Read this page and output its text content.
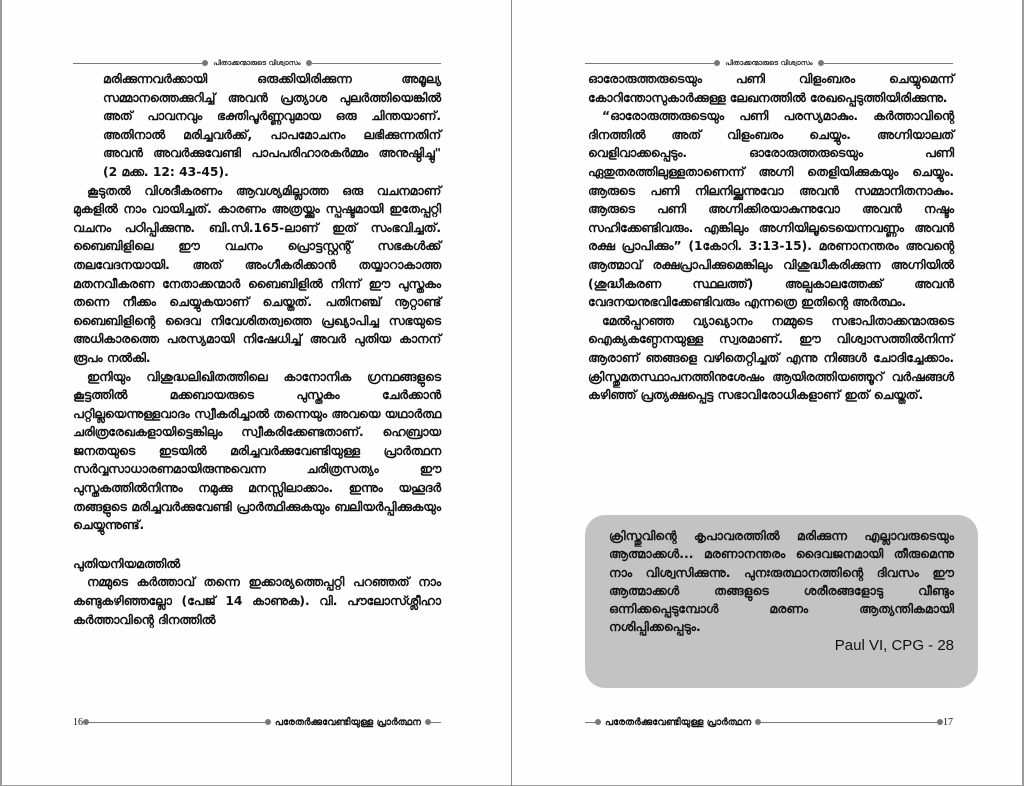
പിതാക്കന്മാരുടെ വിശ്വാസം

മരിക്കുന്നവർക്കായി ഒരുക്കിയിരിക്കുന്ന അമൂല്യ സമ്മാനത്തെക്കുറിച്ച് അവൻ പ്രത്യാശ പുലർത്തിയെങ്കിൽ അത് പാവനവും ഭക്തിപൂർണ്ണവുമായ ഒരു ചിന്തയാണ്. അതിനാൽ മരിച്ചവർക്ക്, പാപമോചനം ലഭിക്കുന്നതിന് അവൻ അവർക്കുവേണ്ടി പാപപരിഹാരകർമ്മം അനുഷ്ഠിച്ചു" (2 മക്ക. 12: 43-45).

കൂടുതൽ വിശദീകരണം ആവശ്യമില്ലാത്ത ഒരു വചനമാണ് മുകളിൽ നാം വായിച്ചത്. കാരണം അത്രയ്ക്കും സ്പഷ്ടമായി ഇതേപ്പറ്റി വചനം പഠിപ്പിക്കുന്നു. ബി.സി.165-ലാണ് ഇത് സംഭവിച്ചത്. ബൈബിളിലെ ഈ വചനം പ്രൊട്ടസ്റ്റന്റ് സഭകൾക്ക് തലവേദനയായി. അത് അംഗീകരിക്കാൻ തയ്യാറാകാത്ത മതനവീകരണ നേതാക്കന്മാർ ബൈബിളിൽ നിന്ന് ഈ പുസ്തകം തന്നെ നീക്കം ചെയ്യുകയാണ് ചെയ്തത്. പതിനഞ്ച് നൂറ്റാണ്ട് ബൈബിളിന്റെ ദൈവ നിവേശിതത്വത്തെ പ്രഖ്യാപിച്ച സഭയുടെ അധികാരത്തെ പരസ്യമായി നിഷേധിച്ച് അവർ പുതിയ കാനന് രൂപം നൽകി.

ഇനിയും വിശുദ്ധലിഖിതത്തിലെ കാനോനിക ഗ്രന്ഥങ്ങളുടെ കൂട്ടത്തിൽ മക്കബായരുടെ പുസ്തകം ചേർക്കാൻ പറ്റില്ലയെന്നുള്ളവാദം സ്വീകരിച്ചാൽ തന്നെയും അവയെ യഥാർത്ഥ ചരിത്രരേഖകളായിട്ടെങ്കിലും സ്വീകരിക്കേണ്ടതാണ്. ഹെബ്രായ ജനതയുടെ ഇടയിൽ മരിച്ചവർക്കുവേണ്ടിയുള്ള പ്രാർത്ഥന സർവ്വസാധാരണമായിരുന്നുവെന്ന ചരിത്രസത്യം ഈ പുസ്തകത്തിൽനിന്നും നമുക്കു മനസ്സിലാക്കാം. ഇന്നും യഹൂദർ തങ്ങളുടെ മരിച്ചവർക്കുവേണ്ടി പ്രാർത്ഥിക്കുകയും ബലിയർപ്പിക്കുകയും ചെയ്യുന്നുണ്ട്.

പുതിയനിയമത്തിൽ

നമ്മുടെ കർത്താവ് തന്നെ ഇക്കാര്യത്തെപ്പറ്റി പറഞ്ഞത് നാം കണ്ടുകഴിഞ്ഞല്ലോ (പേജ് 14 കാണുക). വി. പൗലോസ്ശ്ലീഹാ കർത്താവിന്റെ ദിനത്തിൽ

16	പരേതർക്കുവേണ്ടിയുള്ള പ്രാർത്ഥന
പിതാക്കന്മാരുടെ വിശ്വാസം

ഓരോരുത്തരുടെയും പണി വിളംബരം ചെയ്യുമെന്ന് കോറിന്തോസുകാർക്കുള്ള ലേഖനത്തിൽ രേഖപ്പെടുത്തിയിരിക്കുന്നു.

“ഓരോരുത്തരുടെയും പണി പരസ്യമാകും. കർത്താവിന്റെ ദിനത്തിൽ അത് വിളംബരം ചെയ്യും. അഗ്നിയാലത് വെളിവാക്കപ്പെടും. ഓരോരുത്തരുടെയും പണി ഏതുതരത്തിലുള്ളതാണെന്ന് അഗ്നി തെളിയിക്കുകയും ചെയ്യും. ആരുടെ പണി നിലനില്ക്കുന്നുവോ അവൻ സമ്മാനിതനാകും. ആരുടെ പണി അഗ്നിക്കിരയാകുന്നുവോ അവൻ നഷ്ടം സഹിക്കേണ്ടിവരും. എങ്കിലും അഗ്നിയിലൂടെയെന്നവണ്ണം അവൻ രക്ഷ പ്രാപിക്കും” (1കോറി. 3:13-15). മരണാനന്തരം അവന്റെ ആത്മാവ് രക്ഷപ്രാപിക്കുമെങ്കിലും വിശുദ്ധീകരിക്കുന്ന അഗ്നിയിൽ (ശുദ്ധീകരണ സ്ഥലത്ത്) അല്പകാലത്തേക്ക് അവൻ വേദനയനുഭവിക്കേണ്ടിവരും എന്നത്രെ ഇതിന്റെ അർത്ഥം.

മേൽപ്പറഞ്ഞ വ്യാഖ്യാനം നമ്മുടെ സഭാപിതാക്കന്മാരുടെ ഐക്യകണ്ഠേനയുള്ള സ്വരമാണ്. ഈ വിശ്വാസത്തിൽനിന്ന് ആരാണ് ഞങ്ങളെ വഴിതെറ്റിച്ചത് എന്നു നിങ്ങൾ ചോദിച്ചേക്കാം. ക്രിസ്തുമതസ്ഥാപനത്തിനുശേഷം ആയിരത്തിയഞ്ഞൂറ് വർഷങ്ങൾ കഴിഞ്ഞ് പ്രത്യക്ഷപ്പെട്ട സഭാവിരോധികളാണ് ഇത് ചെയ്തത്.

ക്രിസ്തുവിന്റെ കൃപാവരത്തിൽ മരിക്കുന്ന എല്ലാവരുടെയും ആത്മാക്കൾ... മരണാനന്തരം ദൈവജനമായി തീരുമെന്നു നാം വിശ്വസിക്കുന്നു. പുനഃരുത്ഥാനത്തിന്റെ ദിവസം ഈ ആത്മാക്കൾ തങ്ങളുടെ ശരീരങ്ങളോടു വീണ്ടും ഒന്നിക്കപ്പെടുമ്പോൾ മരണം ആത്യന്തികമായി നശിപ്പിക്കപ്പെടും.
Paul VI, CPG - 28
പരേതർക്കുവേണ്ടിയുള്ള പ്രാർത്ഥന	17
